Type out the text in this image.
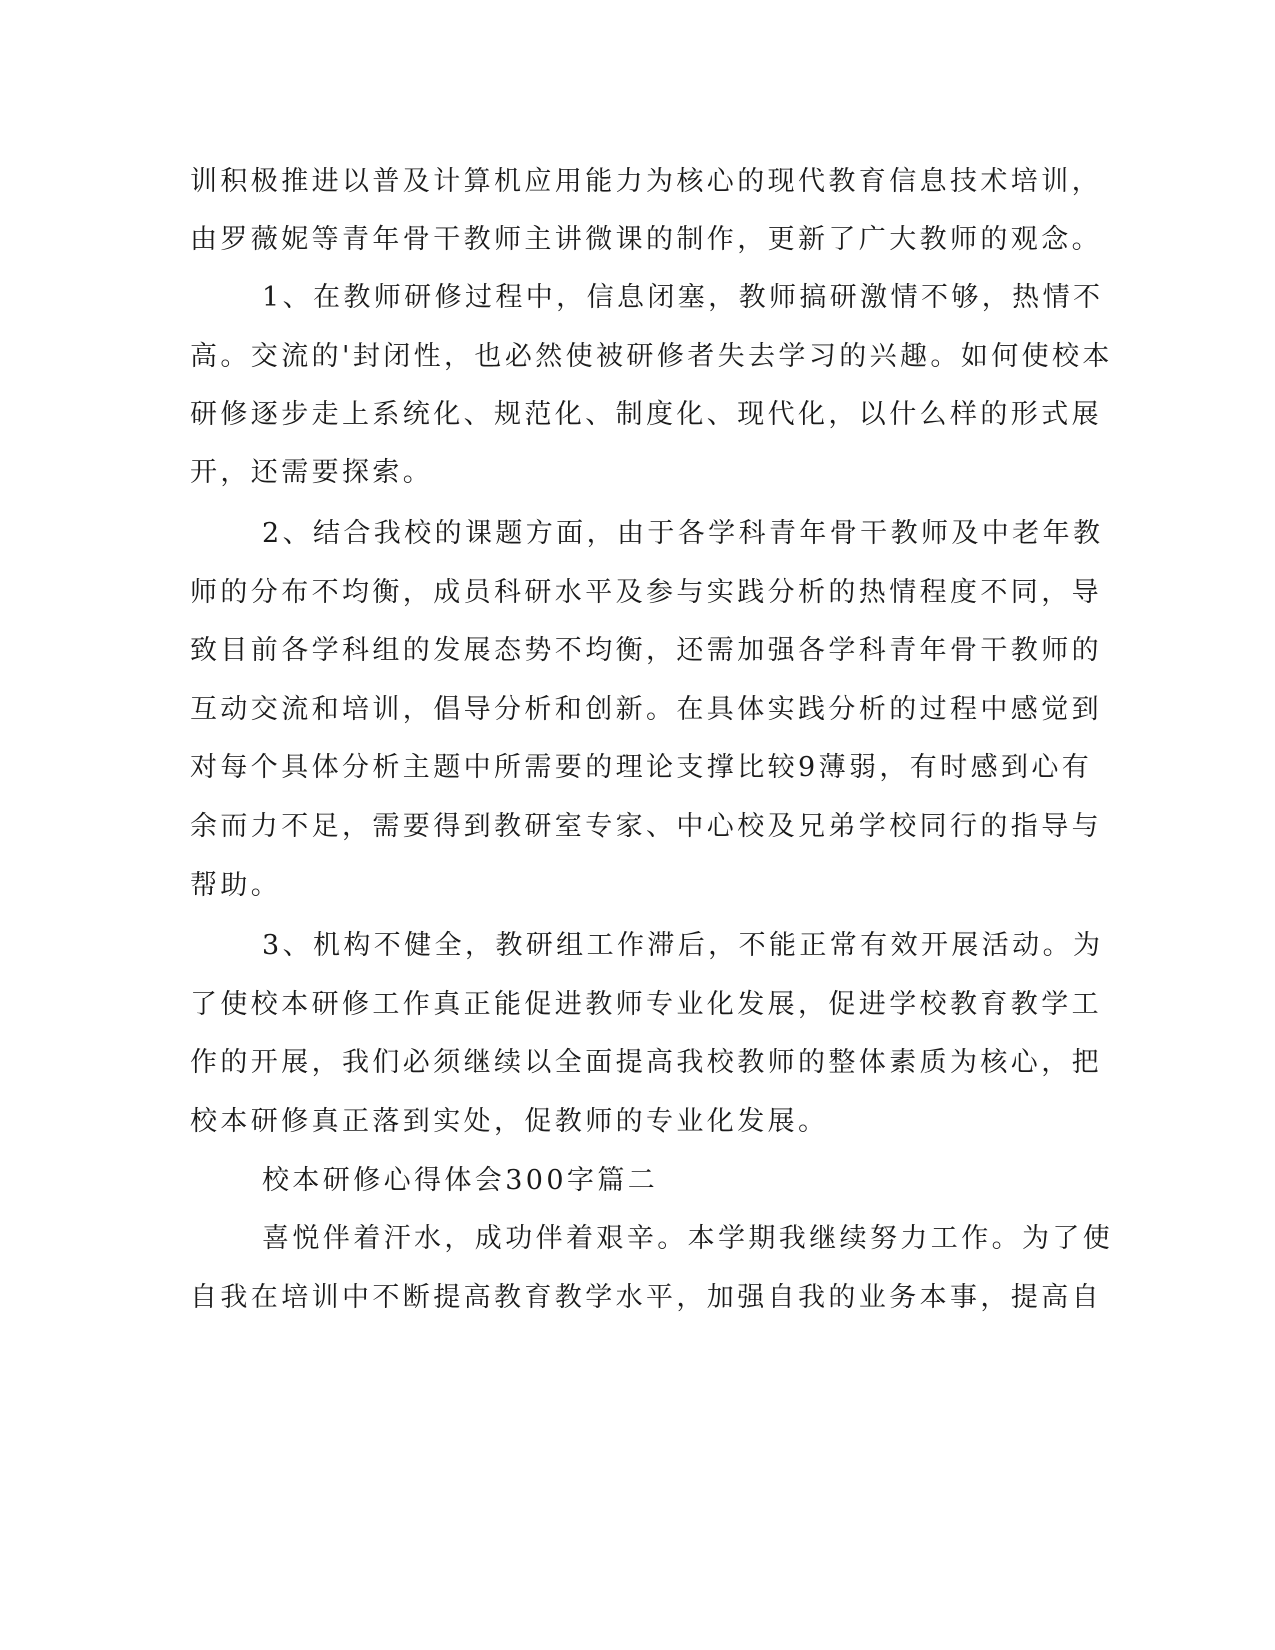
训积极推进以普及计算机应用能力为核心的现代教育信息技术培训，
由罗薇妮等青年骨干教师主讲微课的制作，更新了广大教师的观念。
1、在教师研修过程中，信息闭塞，教师搞研激情不够，热情不
高。交流的'封闭性，也必然使被研修者失去学习的兴趣。如何使校本
研修逐步走上系统化、规范化、制度化、现代化，以什么样的形式展
开，还需要探索。
2、结合我校的课题方面，由于各学科青年骨干教师及中老年教
师的分布不均衡，成员科研水平及参与实践分析的热情程度不同，导
致目前各学科组的发展态势不均衡，还需加强各学科青年骨干教师的
互动交流和培训，倡导分析和创新。在具体实践分析的过程中感觉到
对每个具体分析主题中所需要的理论支撑比较9薄弱，有时感到心有
余而力不足，需要得到教研室专家、中心校及兄弟学校同行的指导与
帮助。
3、机构不健全，教研组工作滞后，不能正常有效开展活动。为
了使校本研修工作真正能促进教师专业化发展，促进学校教育教学工
作的开展，我们必须继续以全面提高我校教师的整体素质为核心，把
校本研修真正落到实处，促教师的专业化发展。
校本研修心得体会300字篇二
喜悦伴着汗水，成功伴着艰辛。本学期我继续努力工作。为了使
自我在培训中不断提高教育教学水平，加强自我的业务本事，提高自
